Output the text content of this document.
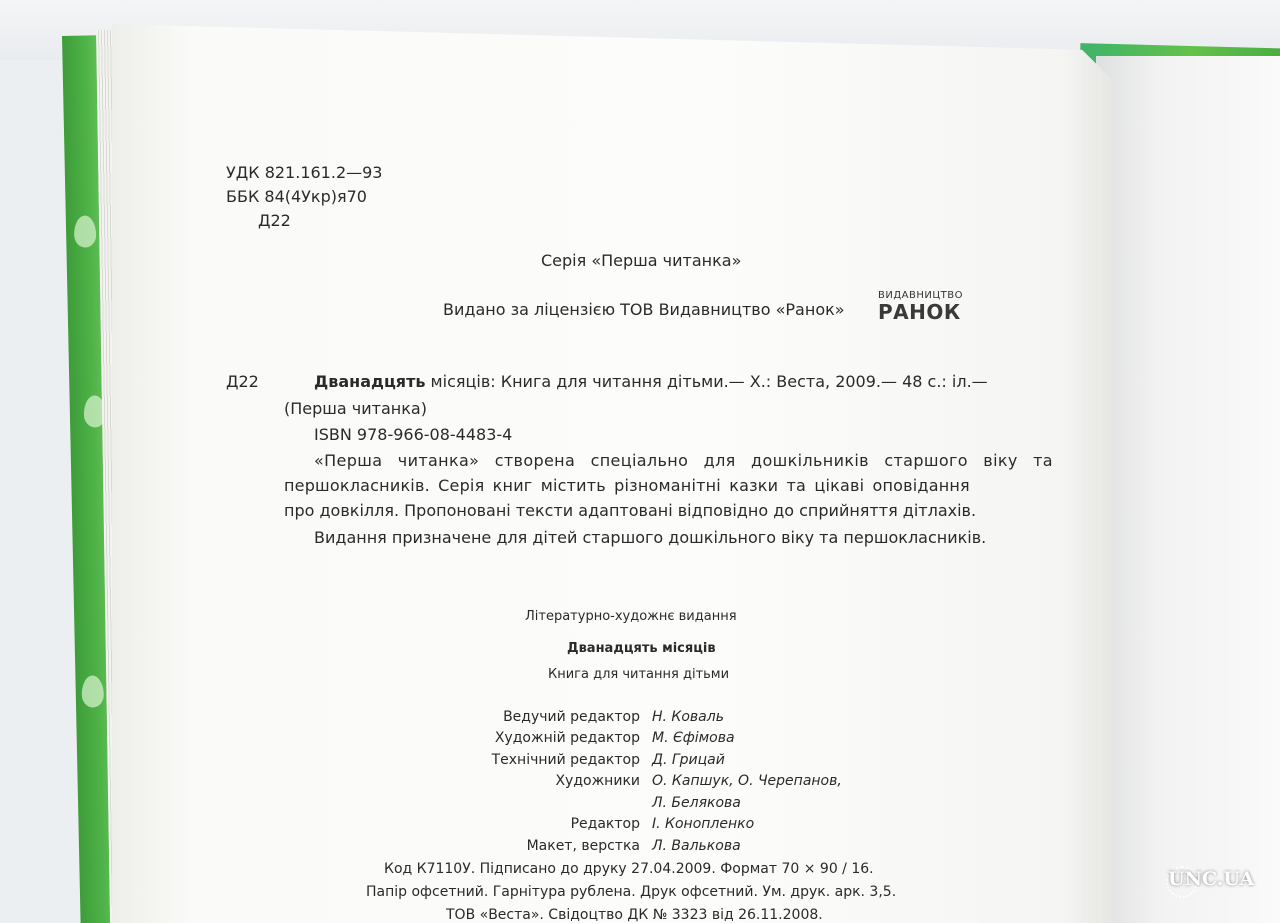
УДК 821.161.2—93
ББК 84(4Укр)я70
Д22
Серія «Перша читанка»
Видано за ліцензією ТОВ Видавництво «Ранок»
ВИДАВНИЦТВО
РАНОК
Д22	Дванадцять місяців: Книга для читання дітьми.— Х.: Веста, 2009.— 48 с.: іл.—
(Перша читанка)
ISBN 978-966-08-4483-4
«Перша читанка» створена спеціально для дошкільників старшого віку та
першокласників. Серія книг містить різноманітні казки та цікаві оповідання
про довкілля. Пропоновані тексти адаптовані відповідно до сприйняття дітлахів.
Видання призначене для дітей старшого дошкільного віку та першокласників.
Літературно-художнє видання
Дванадцять місяців
Книга для читання дітьми
Ведучий редактор Н. Коваль
Художній редактор М. Єфімова
Технічний редактор Д. Грицай
Художники О. Капшук, О. Черепанов,
Л. Белякова
Редактор І. Конопленко
Макет, верстка Л. Валькова
Код К7110У. Підписано до друку 27.04.2009. Формат 70 × 90 / 16.
Папір офсетний. Гарнітура рублена. Друк офсетний. Ум. друк. арк. 3,5.
ТОВ «Веста». Свідоцтво ДК № 3323 від 26.11.2008.
UNC.UA
